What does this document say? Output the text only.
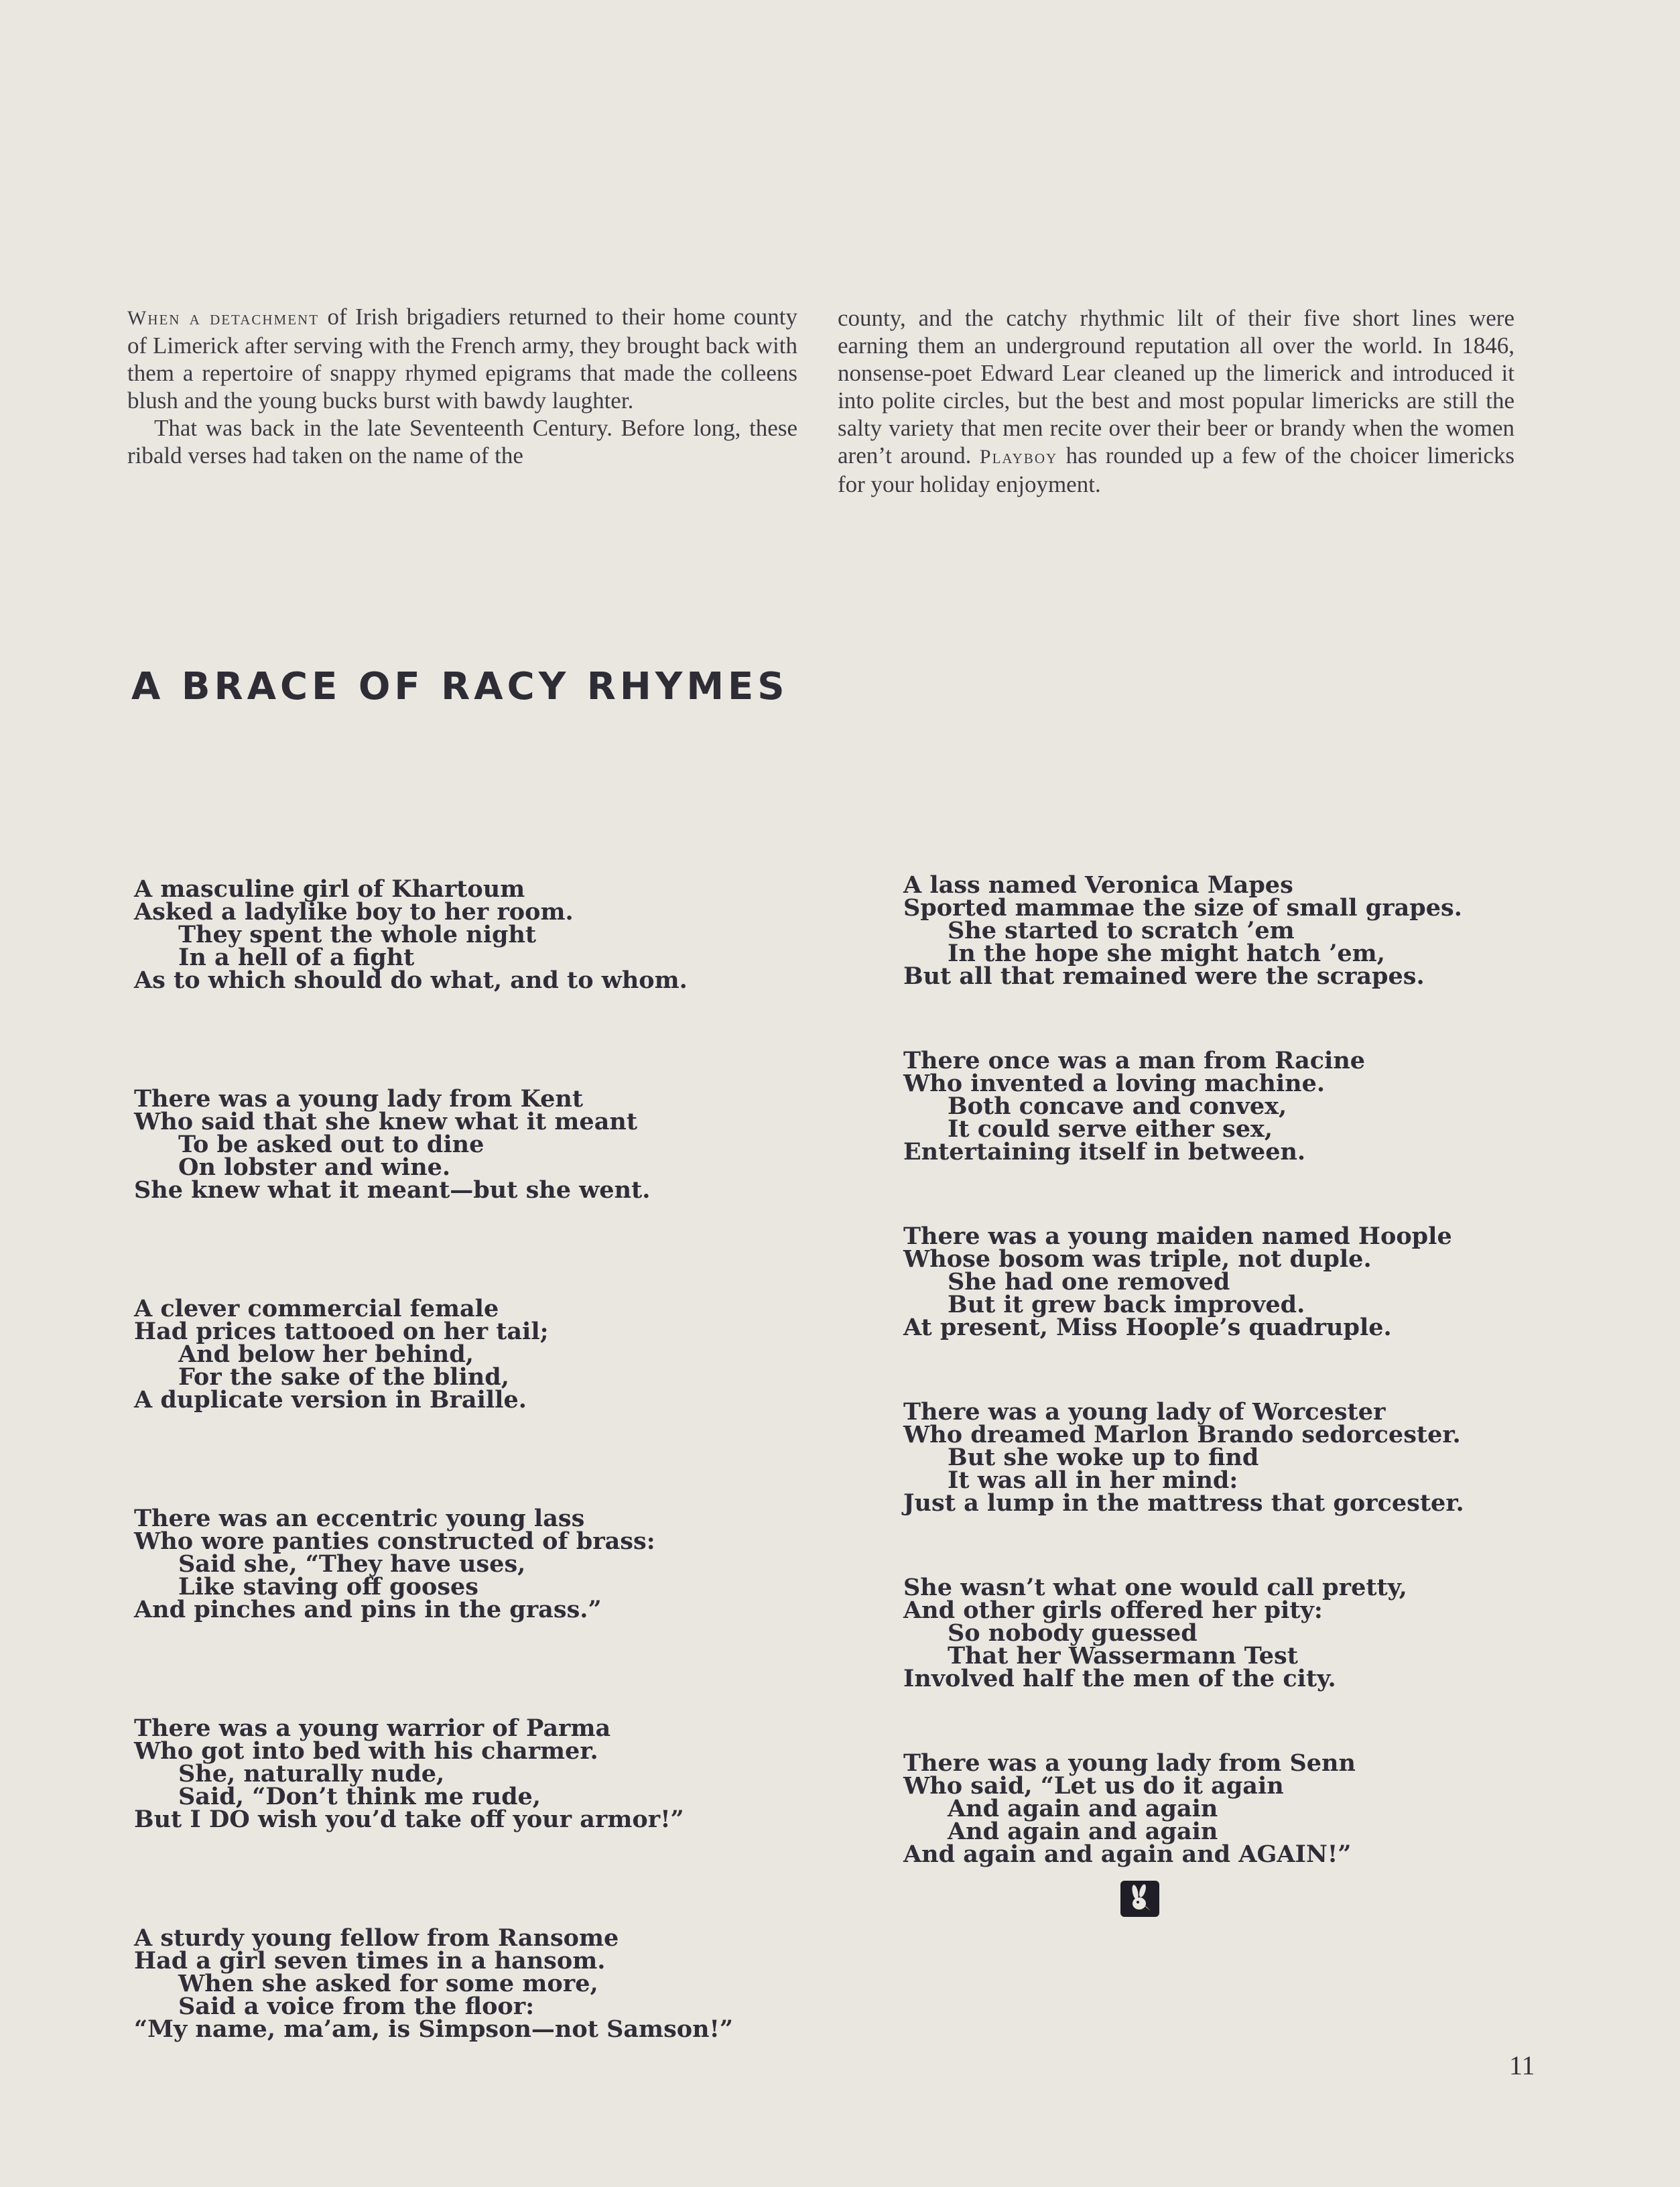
When a detachment of Irish brigadiers returned to their home county of Limerick after serving with the French army, they brought back with them a repertoire of snappy rhymed epigrams that made the colleens blush and the young bucks burst with bawdy laughter.

That was back in the late Seventeenth Century. Before long, these ribald verses had taken on the name of the

county, and the catchy rhythmic lilt of their five short lines were earning them an underground reputation all over the world. In 1846, nonsense-poet Edward Lear cleaned up the limerick and introduced it into polite circles, but the best and most popular limericks are still the salty variety that men recite over their beer or brandy when the women aren’t around. Playboy has rounded up a few of the choicer limericks for your holiday enjoyment.

A BRACE OF RACY RHYMES
A masculine girl of Khartoum
Asked a ladylike boy to her room.
They spent the whole night
In a hell of a fight
As to which should do what, and to whom.
There was a young lady from Kent
Who said that she knew what it meant
To be asked out to dine
On lobster and wine.
She knew what it meant—but she went.
A clever commercial female
Had prices tattooed on her tail;
And below her behind,
For the sake of the blind,
A duplicate version in Braille.
There was an eccentric young lass
Who wore panties constructed of brass:
Said she, “They have uses,
Like staving off gooses
And pinches and pins in the grass.”
There was a young warrior of Parma
Who got into bed with his charmer.
She, naturally nude,
Said, “Don’t think me rude,
But I DO wish you’d take off your armor!”
A sturdy young fellow from Ransome
Had a girl seven times in a hansom.
When she asked for some more,
Said a voice from the floor:
“My name, ma’am, is Simpson—not Samson!”
A lass named Veronica Mapes
Sported mammae the size of small grapes.
She started to scratch ’em
In the hope she might hatch ’em,
But all that remained were the scrapes.
There once was a man from Racine
Who invented a loving machine.
Both concave and convex,
It could serve either sex,
Entertaining itself in between.
There was a young maiden named Hoople
Whose bosom was triple, not duple.
She had one removed
But it grew back improved.
At present, Miss Hoople’s quadruple.
There was a young lady of Worcester
Who dreamed Marlon Brando sedorcester.
But she woke up to find
It was all in her mind:
Just a lump in the mattress that gorcester.
She wasn’t what one would call pretty,
And other girls offered her pity:
So nobody guessed
That her Wassermann Test
Involved half the men of the city.
There was a young lady from Senn
Who said, “Let us do it again
And again and again
And again and again
And again and again and AGAIN!”
11
